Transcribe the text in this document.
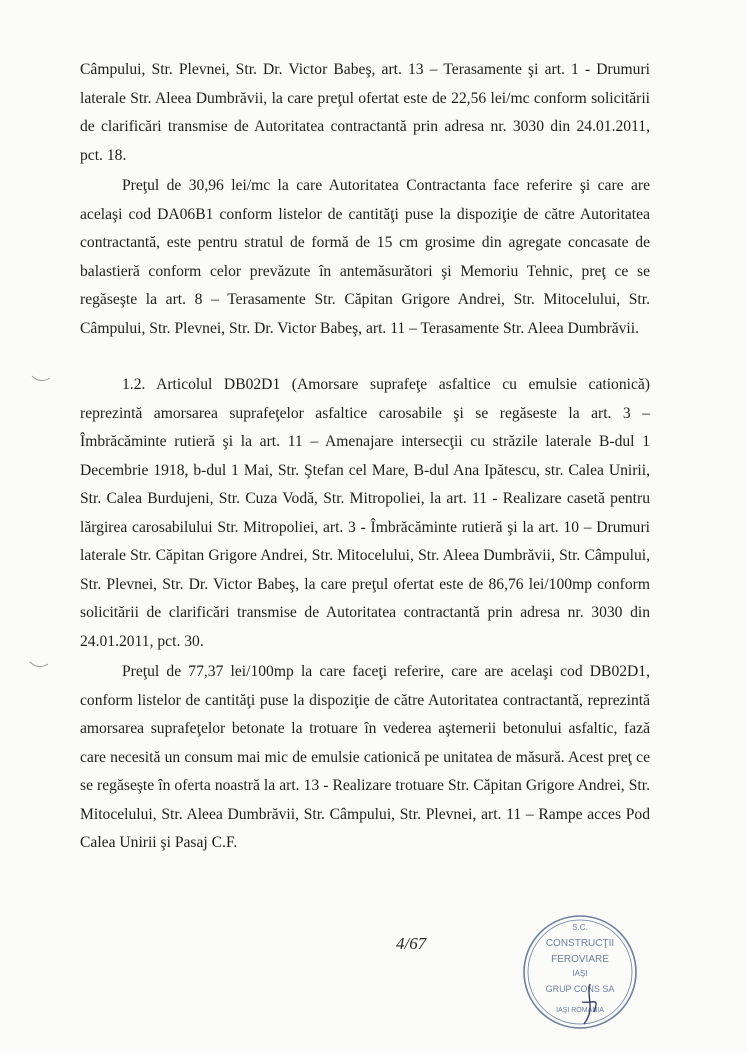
Câmpului, Str. Plevnei, Str. Dr. Victor Babeş, art. 13 – Terasamente şi art. 1 - Drumuri laterale Str. Aleea Dumbrăvii, la care preţul ofertat este de 22,56 lei/mc conform solicitării de clarificări transmise de Autoritatea contractantă prin adresa nr. 3030 din 24.01.2011, pct. 18.

Preţul de 30,96 lei/mc la care Autoritatea Contractanta face referire şi care are acelaşi cod DA06B1 conform listelor de cantităţi puse la dispoziţie de către Autoritatea contractantă, este pentru stratul de formă de 15 cm grosime din agregate concasate de balastieră conform celor prevăzute în antemăsurători şi Memoriu Tehnic, preţ ce se regăseşte la art. 8 – Terasamente Str. Căpitan Grigore Andrei, Str. Mitocelului, Str. Câmpului, Str. Plevnei, Str. Dr. Victor Babeş, art. 11 – Terasamente Str. Aleea Dumbrăvii.

1.2. Articolul DB02D1 (Amorsare suprafeţe asfaltice cu emulsie cationică) reprezintă amorsarea suprafeţelor asfaltice carosabile şi se regăseste la art. 3 – Îmbrăcăminte rutieră şi la art. 11 – Amenajare intersecţii cu străzile laterale B-dul 1 Decembrie 1918, b-dul 1 Mai, Str. Ştefan cel Mare, B-dul Ana Ipătescu, str. Calea Unirii, Str. Calea Burdujeni, Str. Cuza Vodă, Str. Mitropoliei, la art. 11 - Realizare casetă pentru lărgirea carosabilului Str. Mitropoliei, art. 3 - Îmbrăcăminte rutieră şi la art. 10 – Drumuri laterale Str. Căpitan Grigore Andrei, Str. Mitocelului, Str. Aleea Dumbrăvii, Str. Câmpului, Str. Plevnei, Str. Dr. Victor Babeş, la care preţul ofertat este de 86,76 lei/100mp conform solicitării de clarificări transmise de Autoritatea contractantă prin adresa nr. 3030 din 24.01.2011, pct. 30.

Preţul de 77,37 lei/100mp la care faceţi referire, care are acelaşi cod DB02D1, conform listelor de cantităţi puse la dispoziţie de către Autoritatea contractantă, reprezintă amorsarea suprafeţelor betonate la trotuare în vederea aşternerii betonului asfaltic, fază care necesită un consum mai mic de emulsie cationică pe unitatea de măsură. Acest preţ ce se regăseşte în oferta noastră la art. 13 - Realizare trotuare Str. Căpitan Grigore Andrei, Str. Mitocelului, Str. Aleea Dumbrăvii, Str. Câmpului, Str. Plevnei, art. 11 – Rampe acces Pod Calea Unirii şi Pasaj C.F.

4/67
S.C.
CONSTRUCŢII
FEROVIARE
IAŞI
GRUP CONS SA
IAŞI ROMANIA
